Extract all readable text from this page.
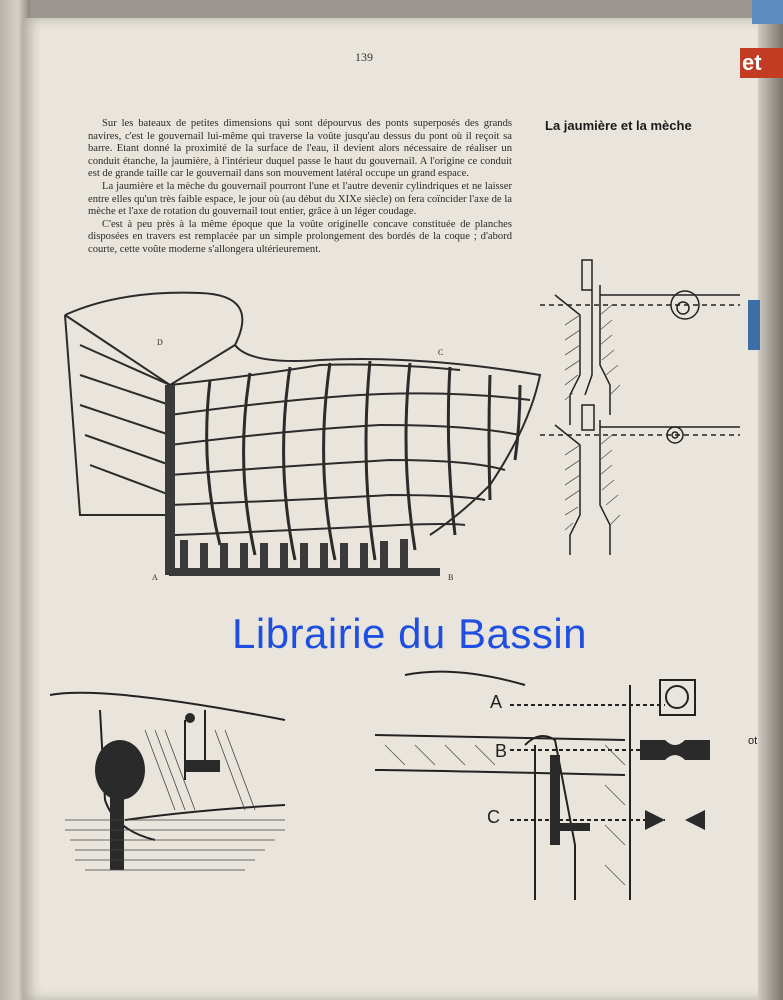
et
ot
139
La jaumière et la mèche

Sur les bateaux de petites dimensions qui sont dépourvus des ponts superposés des grands navires, c'est le gouvernail lui-même qui traverse la voûte jusqu'au dessus du pont où il reçoit sa barre. Etant donné la proximité de la surface de l'eau, il devient alors nécessaire de réaliser un conduit étanche, la jaumière, à l'intérieur duquel passe le haut du gouvernail. A l'origine ce conduit est de grande taille car le gouvernail dans son mouvement latéral occupe un grand espace.

La jaumière et la mèche du gouvernail pourront l'une et l'autre devenir cylindriques et ne laisser entre elles qu'un très faible espace, le jour où (au début du XIXe siècle) on fera coïncider l'axe de la mèche et l'axe de rotation du gouvernail tout entier, grâce à un léger coudage.

C'est à peu près à la même époque que la voûte originelle concave constituée de planches disposées en travers est remplacée par un simple prolongement des bordés de la coque ; d'abord courte, cette voûte moderne s'allongera ultérieurement.

A	B
C
D
A
B
C
Librairie du Bassin
